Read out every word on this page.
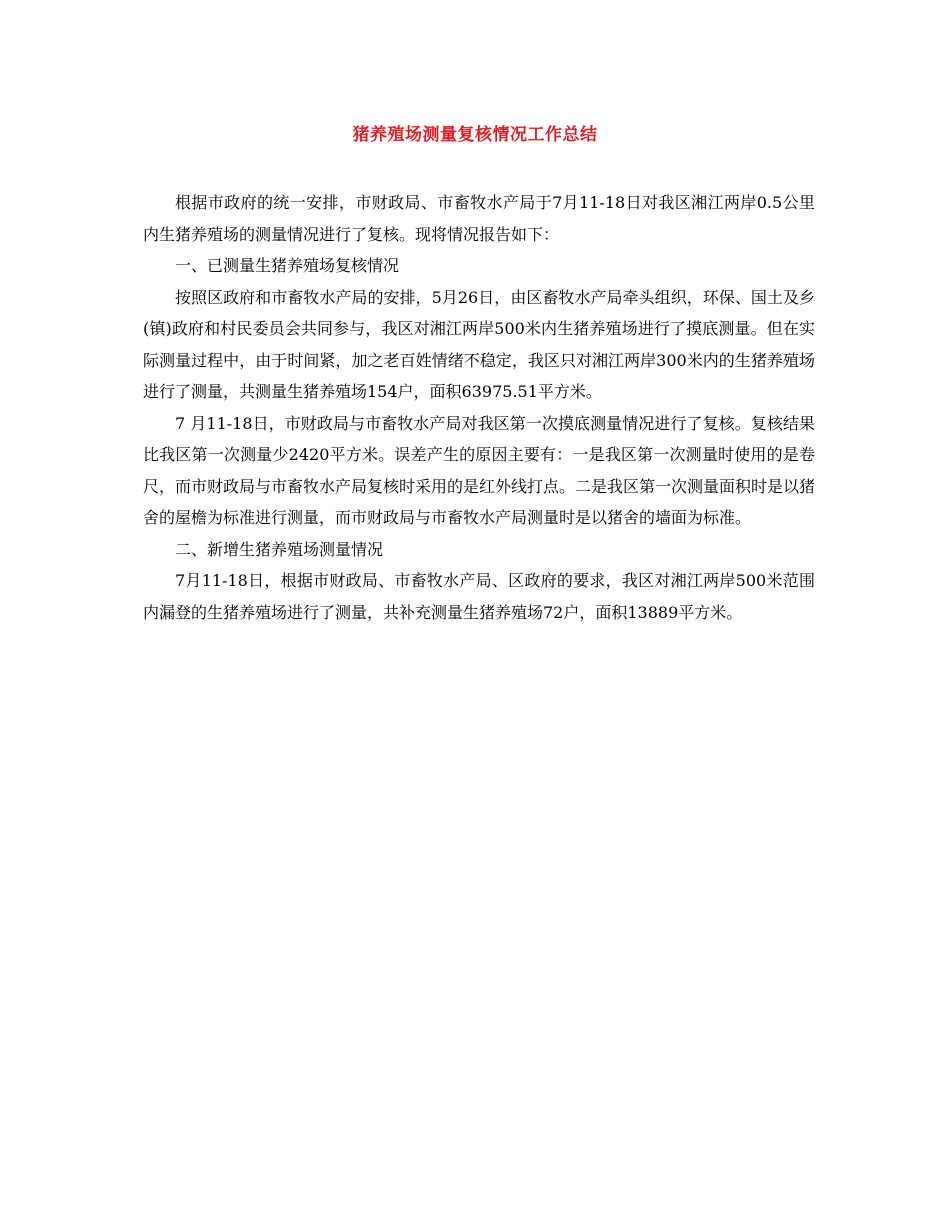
猪养殖场测量复核情况工作总结

根据市政府的统一安排，市财政局、市畜牧水产局于7月11-18日对我区湘江两岸0.5公里内生猪养殖场的测量情况进行了复核。现将情况报告如下：

一、已测量生猪养殖场复核情况

按照区政府和市畜牧水产局的安排，5月26日，由区畜牧水产局牵头组织，环保、国土及乡(镇)政府和村民委员会共同参与，我区对湘江两岸500米内生猪养殖场进行了摸底测量。但在实际测量过程中，由于时间紧，加之老百姓情绪不稳定，我区只对湘江两岸300米内的生猪养殖场进行了测量，共测量生猪养殖场154户，面积63975.51平方米。

7 月11-18日，市财政局与市畜牧水产局对我区第一次摸底测量情况进行了复核。复核结果比我区第一次测量少2420平方米。误差产生的原因主要有：一是我区第一次测量时使用的是卷尺，而市财政局与市畜牧水产局复核时采用的是红外线打点。二是我区第一次测量面积时是以猪舍的屋檐为标准进行测量，而市财政局与市畜牧水产局测量时是以猪舍的墙面为标准。

二、新增生猪养殖场测量情况

7月11-18日，根据市财政局、市畜牧水产局、区政府的要求，我区对湘江两岸500米范围内漏登的生猪养殖场进行了测量，共补充测量生猪养殖场72户，面积13889平方米。
